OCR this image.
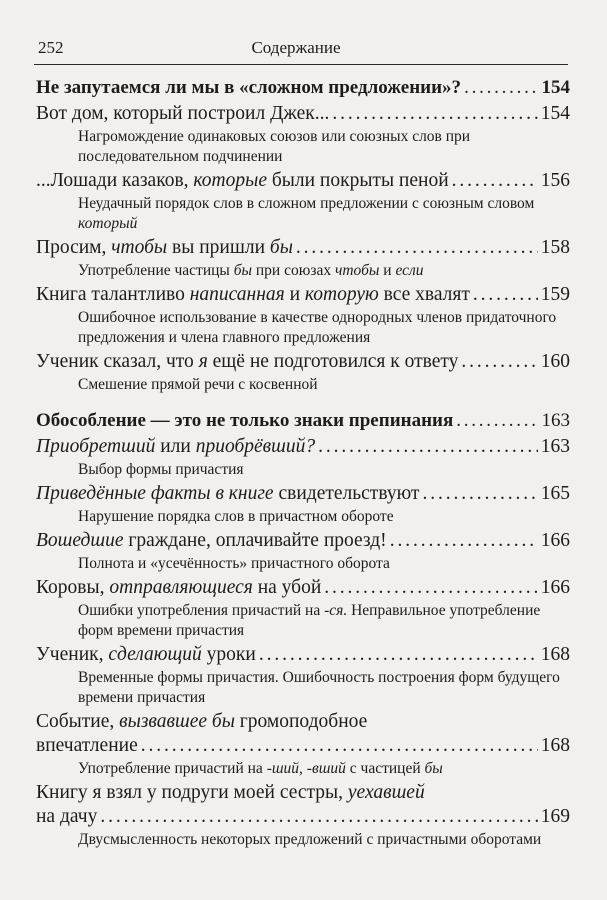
252	Содержание
Не запутаемся ли мы в «сложном предложении»? . . .	154
Вот дом, который построил Джек... . . .	154
Нагромождение одинаковых союзов или союзных слов при последовательном подчинении
...Лошади казаков, которые были покрыты пеной . . .	156
Неудачный порядок слов в сложном предложении с союзным словом который
Просим, чтобы вы пришли бы . . .	158
Употребление частицы бы при союзах чтобы и если
Книга талантливо написанная и которую все хвалят . . .	159
Ошибочное использование в качестве однородных членов придаточного предложения и члена главного предложения
Ученик сказал, что я ещё не подготовился к ответу . . .	160
Смешение прямой речи с косвенной
Обособление — это не только знаки препинания . . .	163
Приобретший или приобрёвший? . . .	163
Выбор формы причастия
Приведённые факты в книге свидетельствуют . . .	165
Нарушение порядка слов в причастном обороте
Вошедшие граждане, оплачивайте проезд! . . .	166
Полнота и «усечённость» причастного оборота
Коровы, отправляющиеся на убой . . .	166
Ошибки употребления причастий на -ся. Неправильное употребление форм времени причастия
Ученик, сделающий уроки . . .	168
Временные формы причастия. Ошибочность построения форм будущего времени причастия
Событие, вызвавшее бы громоподобное
впечатление . . .	168
Употребление причастий на -ший, -вший с частицей бы
Книгу я взял у подруги моей сестры, уехавшей
на дачу . . .	169
Двусмысленность некоторых предложений с причастными оборотами
